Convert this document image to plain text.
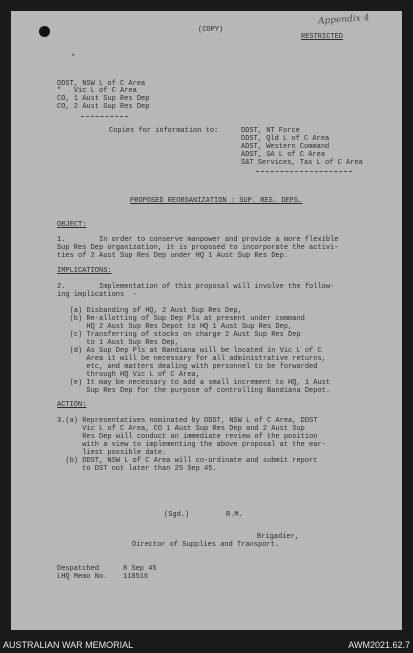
(COPY)
Appendix 4
RESTRICTED
*
DDST, NSW L of C Area
"   Vic L of C Area
CO, 1 Aust Sup Res Dep
CO, 2 Aust Sup Res Dep
Copies for information to:	DDST, NT Force
DDST, Qld L of C Area
ADST, Western Command
ADST, SA L of C Area
S&T Services, Tas L of C Area
PROPOSED REORGANIZATION : SUP. RES. DEPS.
OBJECT:
1.        In order to conserve manpower and provide a more flexible
Sup Res Dep organization, it is proposed to incorporate the activi-
ties of 2 Aust Sup Res Dep under HQ 1 Aust Sup Res Dep.
IMPLICATIONS:
2.        Implementation of this proposal will involve the follow-
ing implications  -
(a) Disbanding of HQ, 2 Aust Sup Res Dep,
(b) Re-allotting of Sup Dep Pls at present under command
HQ 2 Aust Sup Res Depot to HQ 1 Aust Sup Res Dep,
(c) Transferring of stocks on charge 2 Aust Sup Res Dep
to 1 Aust Sup Res Dep,
(d) As Sup Dep Pls at Bandiana will be located in Vic L of C
Area it will be necessary for all administrative returns,
etc, and matters dealing with personnel to be forwarded
through HQ Vic L of C Area,
(e) It may be necessary to add a small increment to HQ, 1 Aust
Sup Res Dep for the purpose of controlling Bandiana Depot.
ACTION:
3.(a) Representatives nominated by DDST, NSW L of C Area, DDST
Vic L of C Area, CO 1 Aust Sup Res Dep and 2 Aust Sup
Res Dep will conduct an immediate review of the position
with a view to implementing the above proposal at the ear-
liest possible date.
(b) DDST, NSW L of C Area will co-ordinate and submit report
to DST not later than 25 Sep 45.
(Sgd.)	R.M.
Brigadier,
Director of Supplies and Transport.
Despatched	8 Sep 45
LHQ Memo No. 118516
AUSTRALIAN WAR MEMORIAL	AWM2021.62.7
